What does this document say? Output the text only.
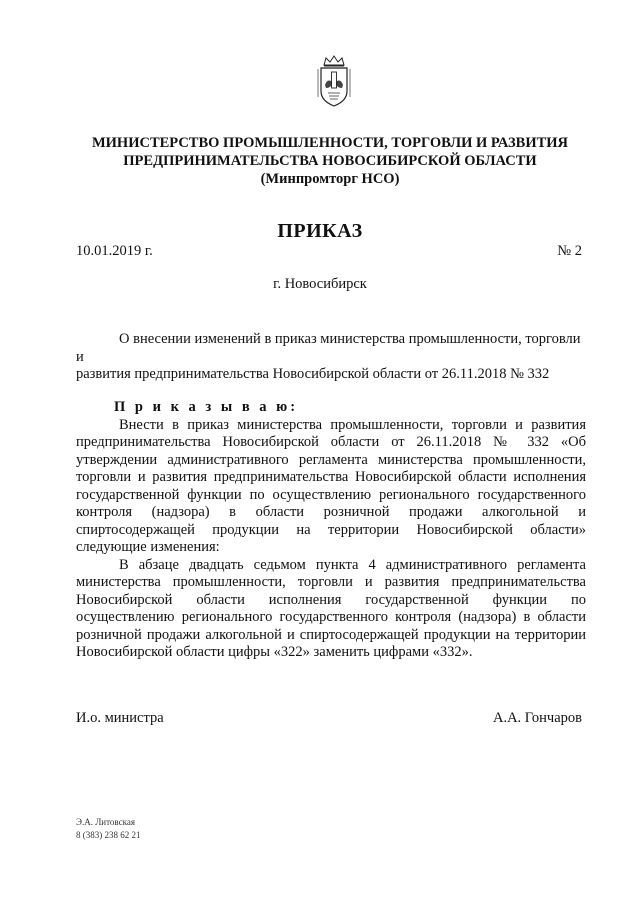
МИНИСТЕРСТВО ПРОМЫШЛЕННОСТИ, ТОРГОВЛИ И РАЗВИТИЯ
ПРЕДПРИНИМАТЕЛЬСТВА НОВОСИБИРСКОЙ ОБЛАСТИ
(Минпромторг НСО)
ПРИКАЗ
10.01.2019 г.	№ 2
г. Новосибирск
О внесении изменений в приказ министерства промышленности, торговли и
развития предпринимательства Новосибирской области от 26.11.2018 № 332
П р и к а з ы в а ю:

Внести в приказ министерства промышленности, торговли и развития предпринимательства Новосибирской области от 26.11.2018 № 332 «Об утверждении административного регламента министерства промышленности, торговли и развития предпринимательства Новосибирской области исполнения государственной функции по осуществлению регионального государственного контроля (надзора) в области розничной продажи алкогольной и спиртосодержащей продукции на территории Новосибирской области» следующие изменения:

В абзаце двадцать седьмом пункта 4 административного регламента министерства промышленности, торговли и развития предпринимательства Новосибирской области исполнения государственной функции по осуществлению регионального государственного контроля (надзора) в области розничной продажи алкогольной и спиртосодержащей продукции на территории Новосибирской области цифры «322» заменить цифрами «332».

И.о. министра	А.А. Гончаров
Э.А. Литовская
8 (383) 238 62 21
